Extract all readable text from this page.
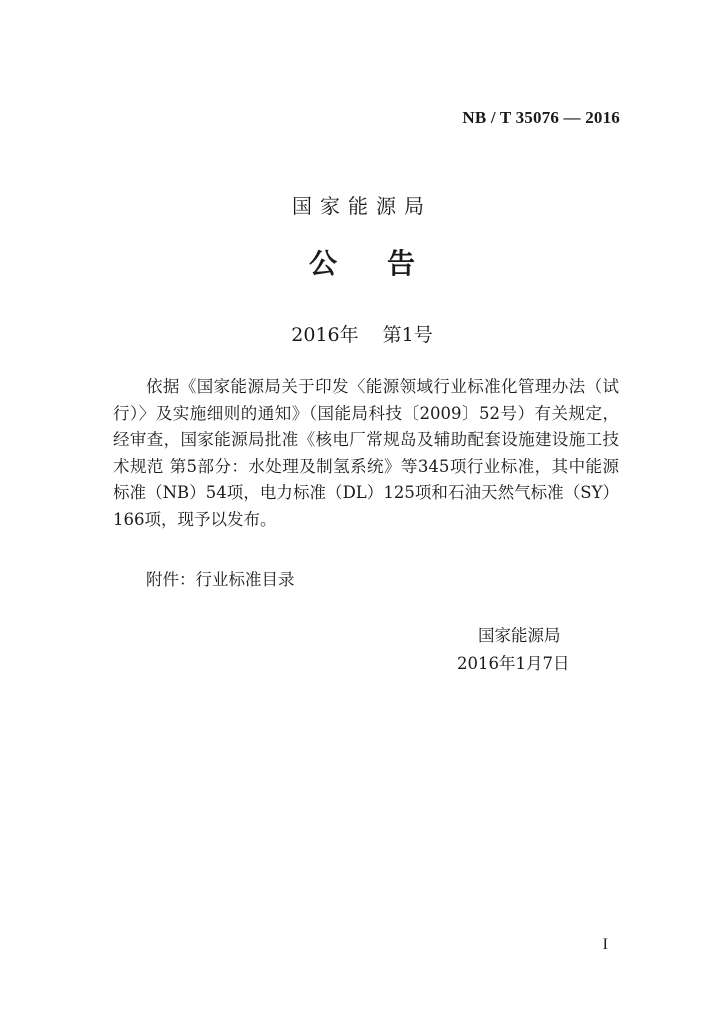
NB / T 35076 — 2016
国家能源局
公 告
2016年 第1号

依据《国家能源局关于印发〈能源领域行业标准化管理办法（试行）〉及实施细则的通知》（国能局科技〔2009〕52号）有关规定，经审查，国家能源局批准《核电厂常规岛及辅助配套设施建设施工技术规范 第5部分：水处理及制氢系统》等345项行业标准，其中能源标准（NB）54项，电力标准（DL）125项和石油天然气标准（SY）166项，现予以发布。

附件：行业标准目录
国家能源局
2016年1月7日
I
